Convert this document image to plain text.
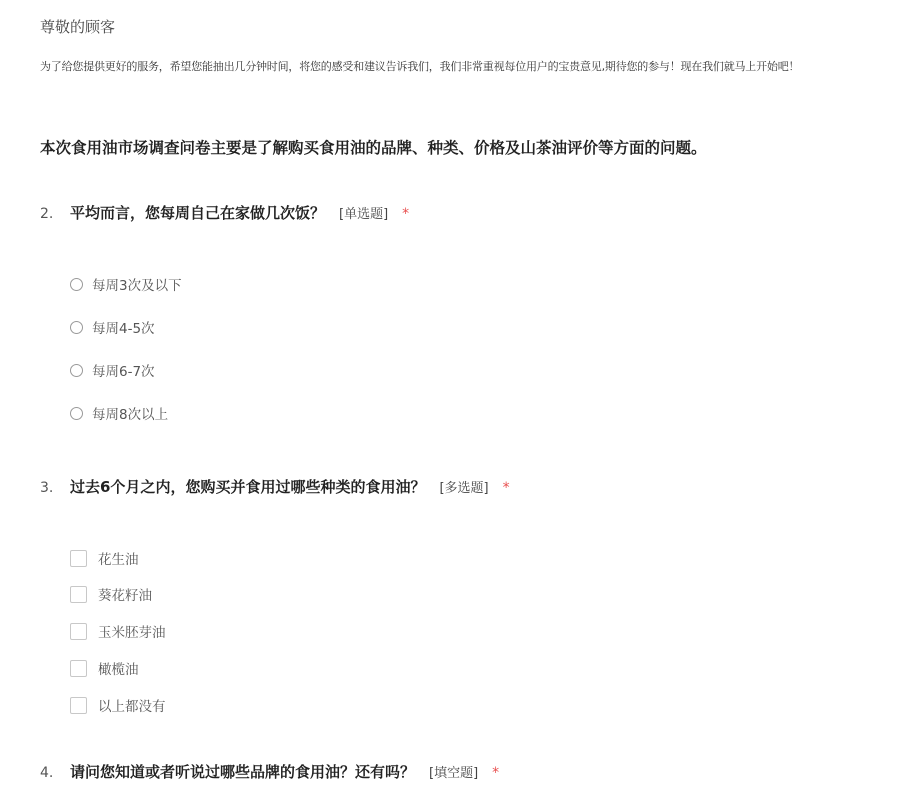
尊敬的顾客
为了给您提供更好的服务，希望您能抽出几分钟时间，将您的感受和建议告诉我们，我们非常重视每位用户的宝贵意见,期待您的参与！现在我们就马上开始吧！
本次食用油市场调查问卷主要是了解购买食用油的品牌、种类、价格及山茶油评价等方面的问题。
2.	平均而言，您每周自己在家做几次饭？ [单选题] *
每周3次及以下
每周4-5次
每周6-7次
每周8次以上
3.	过去6个月之内，您购买并食用过哪些种类的食用油？ [多选题] *
花生油
葵花籽油
玉米胚芽油
橄榄油
以上都没有
4.	请问您知道或者听说过哪些品牌的食用油？还有吗？ [填空题] *
